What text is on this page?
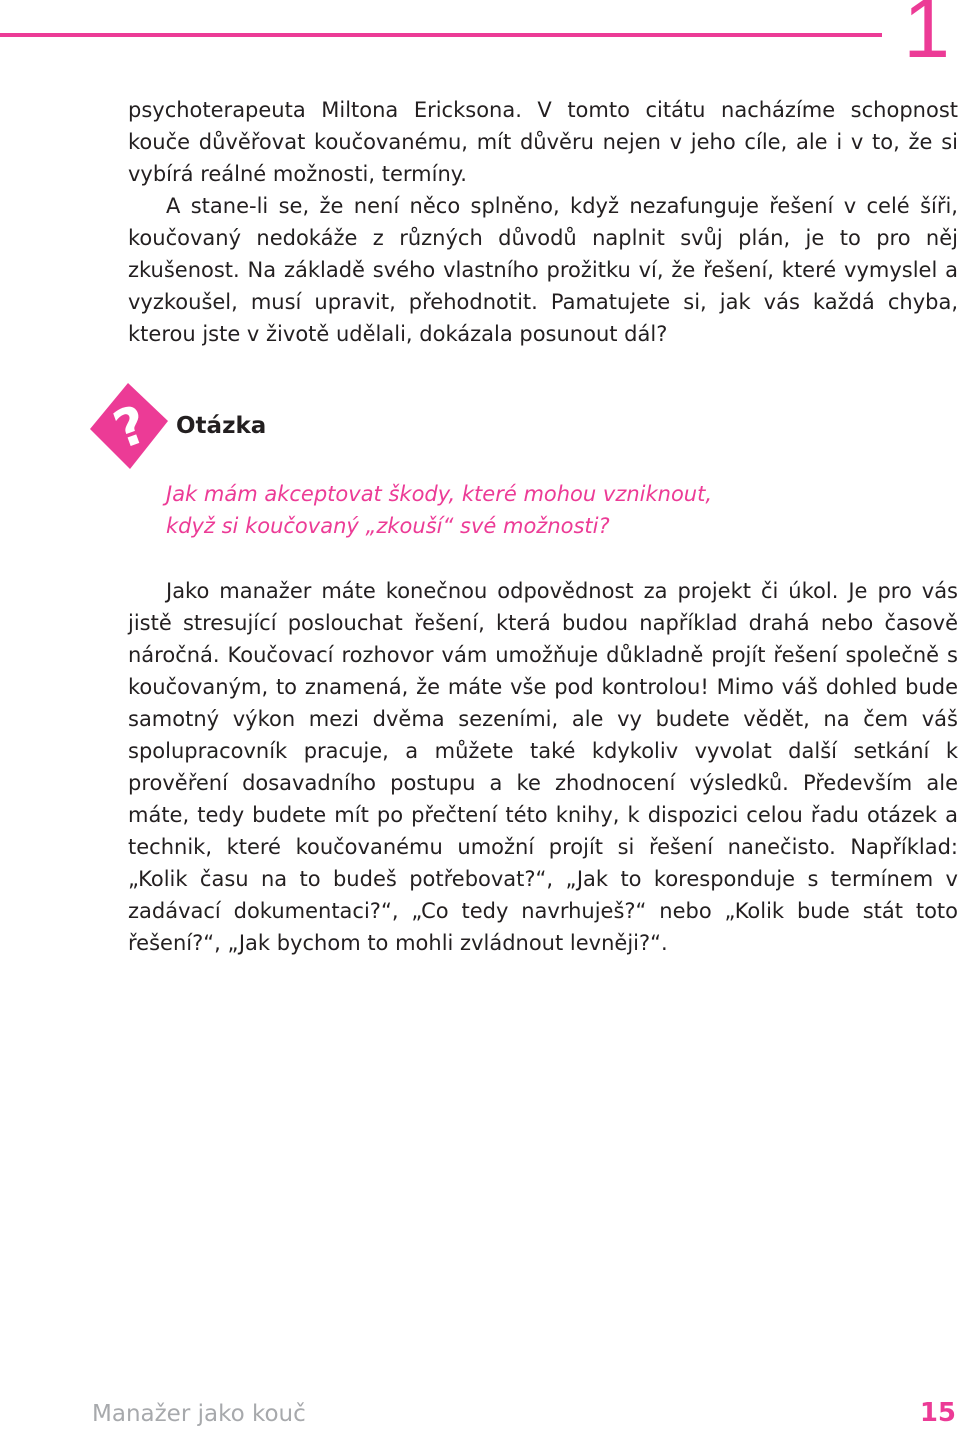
1

psychoterapeuta Miltona Ericksona. V tomto citátu nacházíme schopnost kouče důvěřovat koučovanému, mít důvěru nejen v jeho cíle, ale i v to, že si vybírá reálné možnosti, termíny.

A stane-li se, že není něco splněno, když nezafunguje řešení v celé šíři, koučovaný nedokáže z různých důvodů naplnit svůj plán, je to pro něj zkušenost. Na základě svého vlastního prožitku ví, že řešení, které vymyslel a vyzkoušel, musí upravit, přehodnotit. Pamatujete si, jak vás každá chyba, kterou jste v životě udělali, dokázala posunout dál?

? Otázka
Jak mám akceptovat škody, které mohou vzniknout,
když si koučovaný „zkouší“ své možnosti?

Jako manažer máte konečnou odpovědnost za projekt či úkol. Je pro vás jistě stresující poslouchat řešení, která budou například drahá nebo časově náročná. Koučovací rozhovor vám umožňuje důkladně projít řešení společně s koučovaným, to znamená, že máte vše pod kontrolou! Mimo váš dohled bude samotný výkon mezi dvěma sezeními, ale vy budete vědět, na čem váš spolupracovník pracuje, a můžete také kdykoliv vyvolat další setkání k prověření dosavadního postupu a ke zhodnocení výsledků. Především ale máte, tedy budete mít po přečtení této knihy, k dispozici celou řadu otázek a technik, které koučovanému umožní projít si řešení nanečisto. Například: „Kolik času na to budeš potřebovat?“, „Jak to koresponduje s termínem v zadávací dokumentaci?“, „Co tedy navrhuješ?“ nebo „Kolik bude stát toto řešení?“, „Jak bychom to mohli zvládnout levněji?“.

Manažer jako kouč	15
